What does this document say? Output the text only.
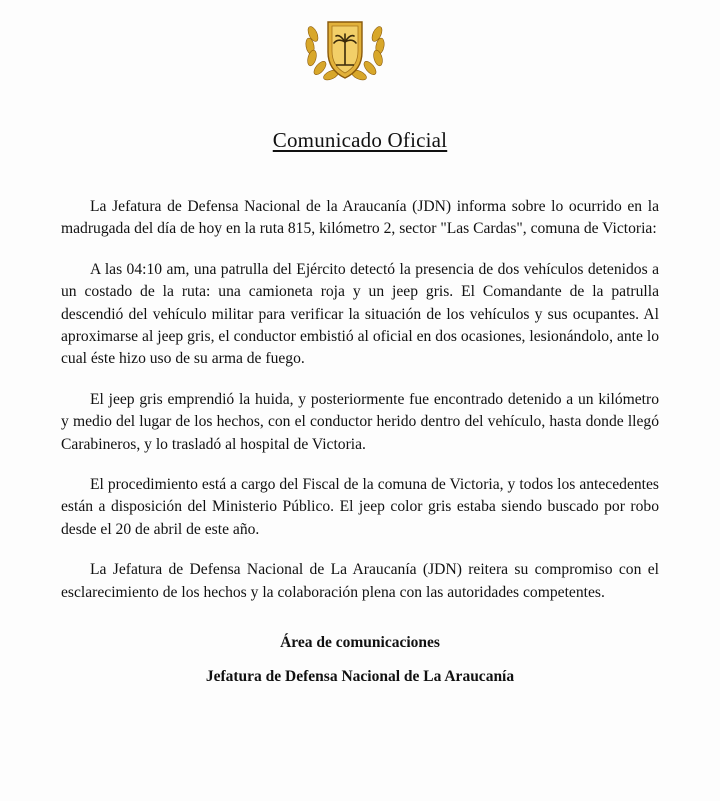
Comunicado Oficial

La Jefatura de Defensa Nacional de la Araucanía (JDN) informa sobre lo ocurrido en la madrugada del día de hoy en la ruta 815, kilómetro 2, sector "Las Cardas", comuna de Victoria:

A las 04:10 am, una patrulla del Ejército detectó la presencia de dos vehículos detenidos a un costado de la ruta: una camioneta roja y un jeep gris. El Comandante de la patrulla descendió del vehículo militar para verificar la situación de los vehículos y sus ocupantes. Al aproximarse al jeep gris, el conductor embistió al oficial en dos ocasiones, lesionándolo, ante lo cual éste hizo uso de su arma de fuego.

El jeep gris emprendió la huida, y posteriormente fue encontrado detenido a un kilómetro y medio del lugar de los hechos, con el conductor herido dentro del vehículo, hasta donde llegó Carabineros, y lo trasladó al hospital de Victoria.

El procedimiento está a cargo del Fiscal de la comuna de Victoria, y todos los antecedentes están a disposición del Ministerio Público. El jeep color gris estaba siendo buscado por robo desde el 20 de abril de este año.

La Jefatura de Defensa Nacional de La Araucanía (JDN) reitera su compromiso con el esclarecimiento de los hechos y la colaboración plena con las autoridades competentes.

Área de comunicaciones
Jefatura de Defensa Nacional de La Araucanía
